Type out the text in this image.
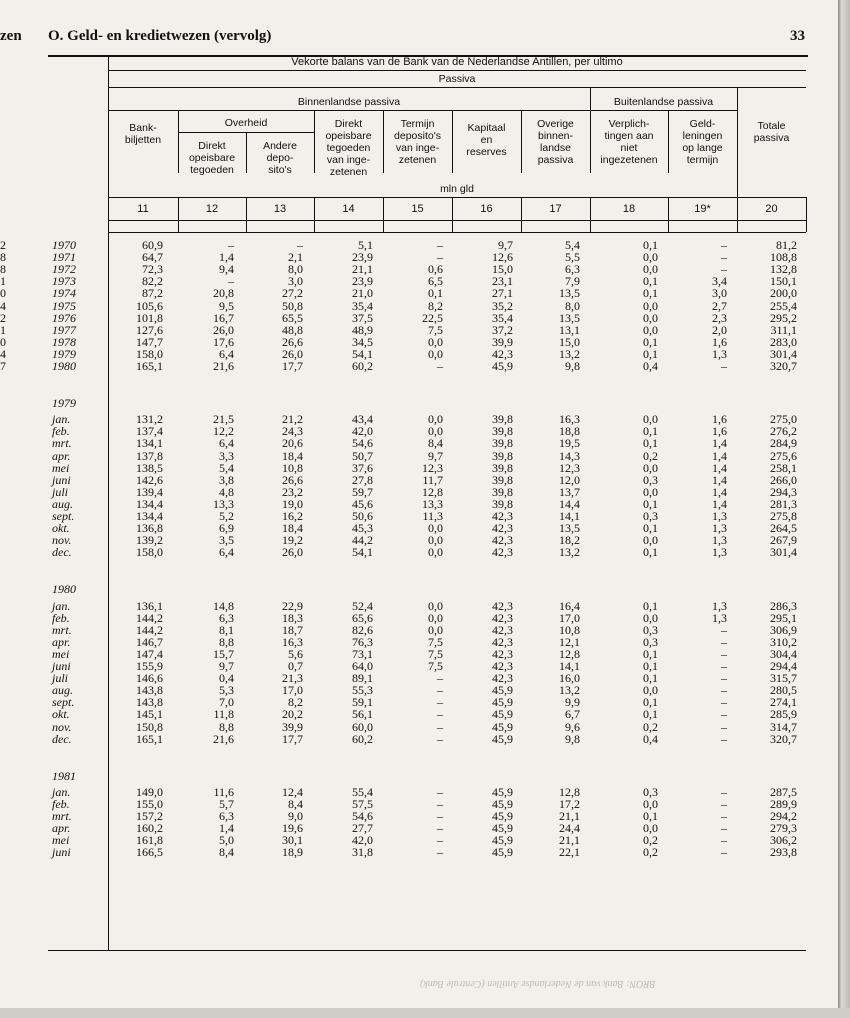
zen O. Geld- en kredietwezen (vervolg)	33
2
8
8
1
0
4
2
1
0
4
7
BRON: Bank van de Nederlandse Antillen (Centrale Bank)
Vekorte balans van de Bank van de Nederlandse Antillen, per ultimo
Passiva
Binnenlandse passiva	Buitenlandse passiva
Overheid
mln gld
Bank-
biljetten
11
Direkt
opeisbare
tegoeden
12
Andere
depo-
sito's
13
Direkt
opeisbare
tegoeden
van inge-
zetenen
14
Termijn
deposito's
van inge-
zetenen
15
Kapitaal
en
reserves
16
Overige
binnen-
landse
passiva
17
Verplich-
tingen aan
niet
ingezetenen
18
Geld-
leningen
op lange
termijn
19*
Totale
passiva
20
1970	60,9	–	–	5,1	–	9,7	5,4	0,1	–	81,2
1971	64,7	1,4	2,1	23,9	–	12,6	5,5	0,0	–	108,8
1972	72,3	9,4	8,0	21,1	0,6	15,0	6,3	0,0	–	132,8
1973	82,2	–	3,0	23,9	6,5	23,1	7,9	0,1	3,4	150,1
1974	87,2	20,8	27,2	21,0	0,1	27,1	13,5	0,1	3,0	200,0
1975	105,6	9,5	50,8	35,4	8,2	35,2	8,0	0,0	2,7	255,4
1976	101,8	16,7	65,5	37,5	22,5	35,4	13,5	0,0	2,3	295,2
1977	127,6	26,0	48,8	48,9	7,5	37,2	13,1	0,0	2,0	311,1
1978	147,7	17,6	26,6	34,5	0,0	39,9	15,0	0,1	1,6	283,0
1979	158,0	6,4	26,0	54,1	0,0	42,3	13,2	0,1	1,3	301,4
1980	165,1	21,6	17,7	60,2	–	45,9	9,8	0,4	–	320,7
1979
jan.	131,2	21,5	21,2	43,4	0,0	39,8	16,3	0,0	1,6	275,0
feb.	137,4	12,2	24,3	42,0	0,0	39,8	18,8	0,1	1,6	276,2
mrt.	134,1	6,4	20,6	54,6	8,4	39,8	19,5	0,1	1,4	284,9
apr.	137,8	3,3	18,4	50,7	9,7	39,8	14,3	0,2	1,4	275,6
mei	138,5	5,4	10,8	37,6	12,3	39,8	12,3	0,0	1,4	258,1
juni	142,6	3,8	26,6	27,8	11,7	39,8	12,0	0,3	1,4	266,0
juli	139,4	4,8	23,2	59,7	12,8	39,8	13,7	0,0	1,4	294,3
aug.	134,4	13,3	19,0	45,6	13,3	39,8	14,4	0,1	1,4	281,3
sept.	134,4	5,2	16,2	50,6	11,3	42,3	14,1	0,3	1,3	275,8
okt.	136,8	6,9	18,4	45,3	0,0	42,3	13,5	0,1	1,3	264,5
nov.	139,2	3,5	19,2	44,2	0,0	42,3	18,2	0,0	1,3	267,9
dec.	158,0	6,4	26,0	54,1	0,0	42,3	13,2	0,1	1,3	301,4
1980
jan.	136,1	14,8	22,9	52,4	0,0	42,3	16,4	0,1	1,3	286,3
feb.	144,2	6,3	18,3	65,6	0,0	42,3	17,0	0,0	1,3	295,1
mrt.	144,2	8,1	18,7	82,6	0,0	42,3	10,8	0,3	–	306,9
apr.	146,7	8,8	16,3	76,3	7,5	42,3	12,1	0,3	–	310,2
mei	147,4	15,7	5,6	73,1	7,5	42,3	12,8	0,1	–	304,4
juni	155,9	9,7	0,7	64,0	7,5	42,3	14,1	0,1	–	294,4
juli	146,6	0,4	21,3	89,1	–	42,3	16,0	0,1	–	315,7
aug.	143,8	5,3	17,0	55,3	–	45,9	13,2	0,0	–	280,5
sept.	143,8	7,0	8,2	59,1	–	45,9	9,9	0,1	–	274,1
okt.	145,1	11,8	20,2	56,1	–	45,9	6,7	0,1	–	285,9
nov.	150,8	8,8	39,9	60,0	–	45,9	9,6	0,2	–	314,7
dec.	165,1	21,6	17,7	60,2	–	45,9	9,8	0,4	–	320,7
1981
jan.	149,0	11,6	12,4	55,4	–	45,9	12,8	0,3	–	287,5
feb.	155,0	5,7	8,4	57,5	–	45,9	17,2	0,0	–	289,9
mrt.	157,2	6,3	9,0	54,6	–	45,9	21,1	0,1	–	294,2
apr.	160,2	1,4	19,6	27,7	–	45,9	24,4	0,0	–	279,3
mei	161,8	5,0	30,1	42,0	–	45,9	21,1	0,2	–	306,2
juni	166,5	8,4	18,9	31,8	–	45,9	22,1	0,2	–	293,8
